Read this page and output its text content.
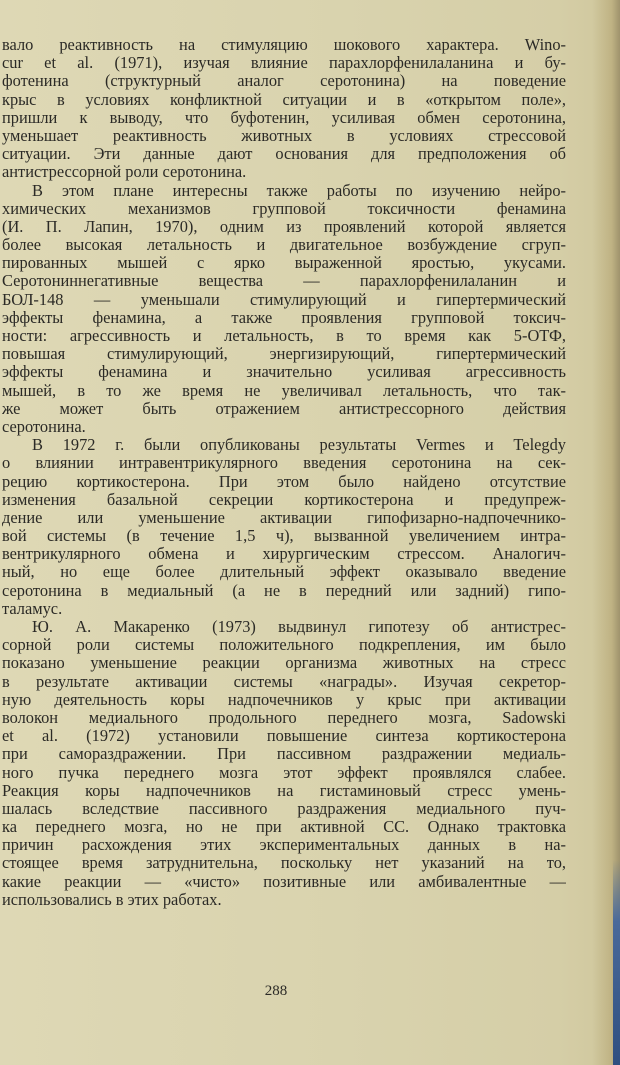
вало реактивность на стимуляцию шокового характера. Wino-
cur et al. (1971), изучая влияние парахлорфенилаланина и бу-
фотенина (структурный аналог серотонина) на поведение
крыс в условиях конфликтной ситуации и в «открытом поле»,
пришли к выводу, что буфотенин, усиливая обмен серотонина,
уменьшает реактивность животных в условиях стрессовой
ситуации. Эти данные дают основания для предположения об
антистрессорной роли серотонина.
В этом плане интересны также работы по изучению нейро-
химических механизмов групповой токсичности фенамина
(И. П. Лапин, 1970), одним из проявлений которой является
более высокая летальность и двигательное возбуждение сгруп-
пированных мышей с ярко выраженной яростью, укусами.
Серотониннегативные вещества — парахлорфенилаланин и
БОЛ-148 — уменьшали стимулирующий и гипертермический
эффекты фенамина, а также проявления групповой токсич-
ности: агрессивность и летальность, в то время как 5-ОТФ,
повышая стимулирующий, энергизирующий, гипертермический
эффекты фенамина и значительно усиливая агрессивность
мышей, в то же время не увеличивал летальность, что так-
же может быть отражением антистрессорного действия
серотонина.
В 1972 г. были опубликованы результаты Vermes и Telegdy
о влиянии интравентрикулярного введения серотонина на сек-
рецию кортикостерона. При этом было найдено отсутствие
изменения базальной секреции кортикостерона и предупреж-
дение или уменьшение активации гипофизарно-надпочечнико-
вой системы (в течение 1,5 ч), вызванной увеличением интра-
вентрикулярного обмена и хирургическим стрессом. Аналогич-
ный, но еще более длительный эффект оказывало введение
серотонина в медиальный (а не в передний или задний) гипо-
таламус.
Ю. А. Макаренко (1973) выдвинул гипотезу об антистрес-
сорной роли системы положительного подкрепления, им было
показано уменьшение реакции организма животных на стресс
в результате активации системы «награды». Изучая секретор-
ную деятельность коры надпочечников у крыс при активации
волокон медиального продольного переднего мозга, Sadowski
et al. (1972) установили повышение синтеза кортикостерона
при самораздражении. При пассивном раздражении медиаль-
ного пучка переднего мозга этот эффект проявлялся слабее.
Реакция коры надпочечников на гистаминовый стресс умень-
шалась вследствие пассивного раздражения медиального пуч-
ка переднего мозга, но не при активной СС. Однако трактовка
причин расхождения этих экспериментальных данных в на-
стоящее время затруднительна, поскольку нет указаний на то,
какие реакции — «чисто» позитивные или амбивалентные —
использовались в этих работах.
288
